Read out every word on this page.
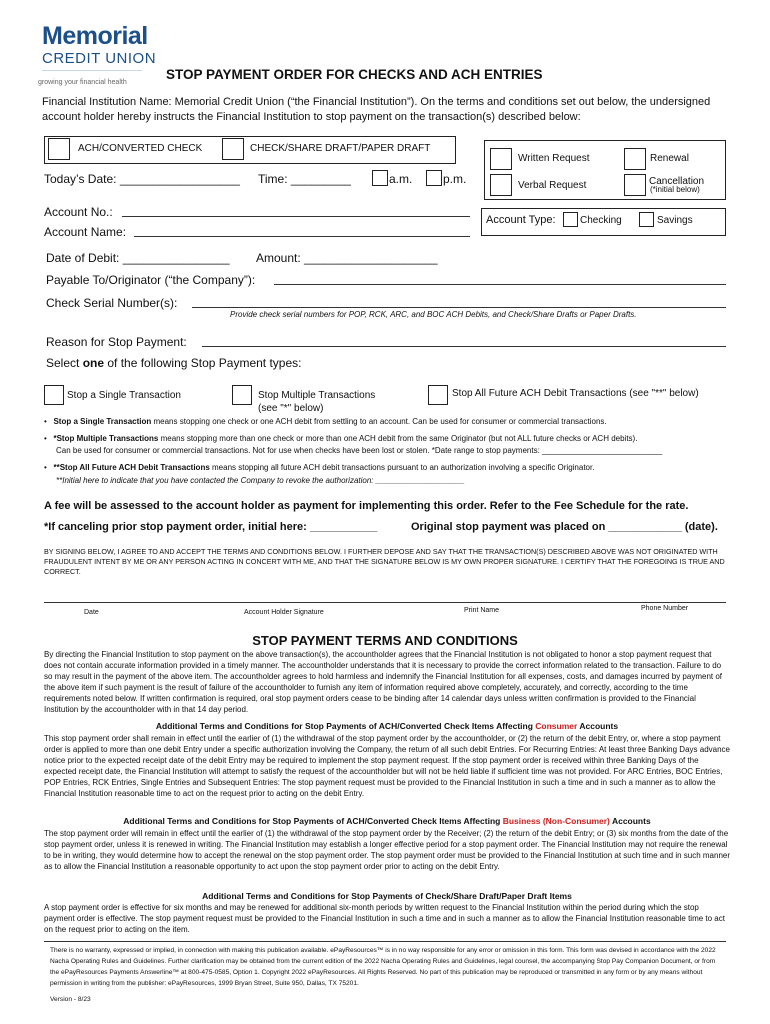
Memorial
CREDIT UNION
growing your financial health
STOP PAYMENT ORDER FOR CHECKS AND ACH ENTRIES
Financial Institution Name: Memorial Credit Union (“the Financial Institution”). On the terms and conditions set out below, the undersigned account holder hereby instructs the Financial Institution to stop payment on the transaction(s) described below:
ACH/CONVERTED CHECK	CHECK/SHARE DRAFT/PAPER DRAFT
Written Request	Renewal
Verbal Request	Cancellation
(*initial below)
Today’s Date: __________________ Time: _________	a.m.	p.m.
Account No.:
Account Name:
Account Type: Checking	Savings
Date of Debit: ________________ Amount: ____________________
Payable To/Originator (“the Company”):
Check Serial Number(s):
Provide check serial numbers for POP, RCK, ARC, and BOC ACH Debits, and Check/Share Drafts or Paper Drafts.
Reason for Stop Payment:
Select one of the following Stop Payment types:
Stop a Single Transaction	Stop Multiple Transactions
(see "*" below)
Stop All Future ACH Debit Transactions (see "**" below)
•   Stop a Single Transaction means stopping one check or one ACH debit from settling to an account. Can be used for consumer or commercial transactions.
•   *Stop Multiple Transactions means stopping more than one check or more than one ACH debit from the same Originator (but not ALL future checks or ACH debits).
Can be used for consumer or commercial transactions. Not for use when checks have been lost or stolen. *Date range to stop payments: ___________________________
•   **Stop All Future ACH Debit Transactions means stopping all future ACH debit transactions pursuant to an authorization involving a specific Originator.
**Initial here to indicate that you have contacted the Company to revoke the authorization: ____________________
A fee will be assessed to the account holder as payment for implementing this order. Refer to the Fee Schedule for the rate.
*If canceling prior stop payment order, initial here: ___________	Original stop payment was placed on ____________ (date).
BY SIGNING BELOW, I AGREE TO AND ACCEPT THE TERMS AND CONDITIONS BELOW. I FURTHER DEPOSE AND SAY THAT THE TRANSACTION(S) DESCRIBED ABOVE WAS NOT ORIGINATED WITH FRAUDULENT INTENT BY ME OR ANY PERSON ACTING IN CONCERT WITH ME, AND THAT THE SIGNATURE BELOW IS MY OWN PROPER SIGNATURE. I CERTIFY THAT THE FOREGOING IS TRUE AND CORRECT.
Date	Account Holder Signature	Print Name	Phone Number
STOP PAYMENT TERMS AND CONDITIONS
By directing the Financial Institution to stop payment on the above transaction(s), the accountholder agrees that the Financial Institution is not obligated to honor a stop payment request that does not contain accurate information provided in a timely manner. The accountholder understands that it is necessary to provide the correct information related to the transaction. Failure to do so may result in the payment of the above item. The accountholder agrees to hold harmless and indemnify the Financial Institution for all expenses, costs, and damages incurred by payment of the above item if such payment is the result of failure of the accountholder to furnish any item of information required above completely, accurately, and correctly, according to the time requirements noted below. If written confirmation is required, oral stop payment orders cease to be binding after 14 calendar days unless written confirmation is provided to the Financial Institution by the accountholder with in that 14 day period.
Additional Terms and Conditions for Stop Payments of ACH/Converted Check Items Affecting Consumer Accounts
This stop payment order shall remain in effect until the earlier of (1) the withdrawal of the stop payment order by the accountholder, or (2) the return of the debit Entry, or, where a stop payment order is applied to more than one debit Entry under a specific authorization involving the Company, the return of all such debit Entries. For Recurring Entries: At least three Banking Days advance notice prior to the expected receipt date of the debit Entry may be required to implement the stop payment request. If the stop payment order is received within three Banking Days of the expected receipt date, the Financial Institution will attempt to satisfy the request of the accountholder but will not be held liable if sufficient time was not provided. For ARC Entries, BOC Entries, POP Entries, RCK Entries, Single Entries and Subsequent Entries: The stop payment request must be provided to the Financial Institution in such a time and in such a manner as to allow the Financial Institution reasonable time to act on the request prior to acting on the debit Entry.
Additional Terms and Conditions for Stop Payments of ACH/Converted Check Items Affecting Business (Non-Consumer) Accounts
The stop payment order will remain in effect until the earlier of (1) the withdrawal of the stop payment order by the Receiver; (2) the return of the debit Entry; or (3) six months from the date of the stop payment order, unless it is renewed in writing. The Financial Institution may establish a longer effective period for a stop payment order. The Financial Institution may not require the renewal to be in writing, they would determine how to accept the renewal on the stop payment order. The stop payment order must be provided to the Financial Institution at such time and in such manner as to allow the Financial Institution a reasonable opportunity to act upon the stop payment order prior to acting on the debit Entry.
Additional Terms and Conditions for Stop Payments of Check/Share Draft/Paper Draft Items
A stop payment order is effective for six months and may be renewed for additional six-month periods by written request to the Financial Institution within the period during which the stop payment order is effective. The stop payment request must be provided to the Financial Institution in such a time and in such a manner as to allow the Financial Institution reasonable time to act on the request prior to acting on the item.
There is no warranty, expressed or implied, in connection with making this publication available. ePayResources™ is in no way responsible for any error or omission in this form. This form was devised in accordance with the 2022 Nacha Operating Rules and Guidelines. Further clarification may be obtained from the current edition of the 2022 Nacha Operating Rules and Guidelines, legal counsel, the accompanying Stop Pay Companion Document, or from the ePayResources Payments Answerline™ at 800-475-0585, Option 1. Copyright 2022 ePayResources. All Rights Reserved. No part of this publication may be reproduced or transmitted in any form or by any means without permission in writing from the publisher: ePayResources, 1999 Bryan Street, Suite 950, Dallas, TX 75201.
Version - 8/23
